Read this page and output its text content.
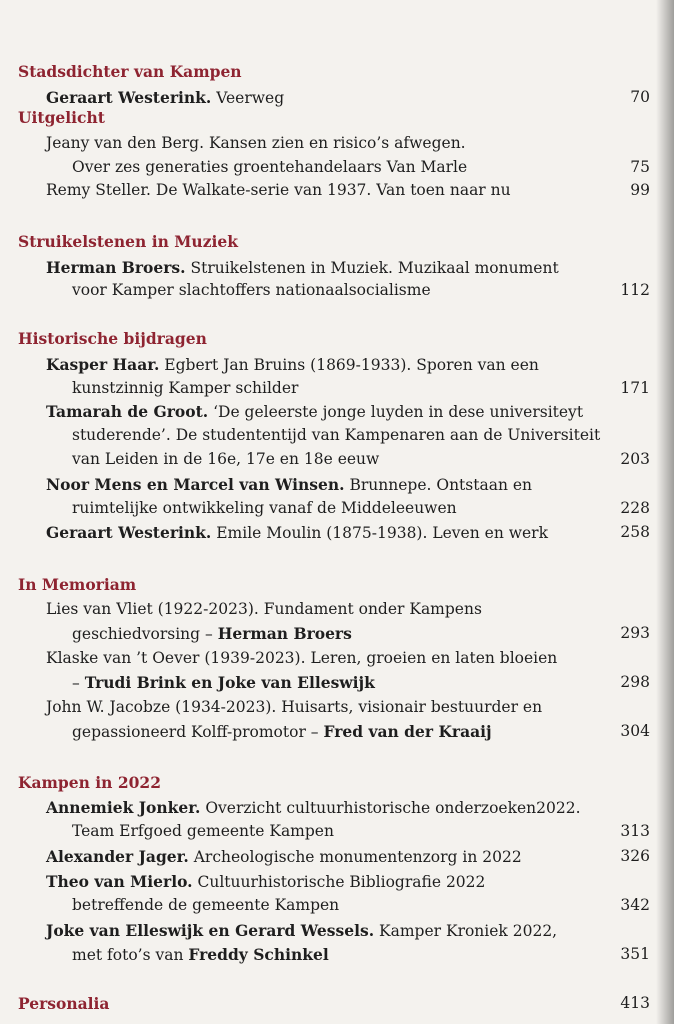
Stadsdichter van Kampen
Geraart Westerink. Veerweg	70
Uitgelicht
Jeany van den Berg. Kansen zien en risico’s afwegen.
Over zes generaties groentehandelaars Van Marle	75
Remy Steller. De Walkate-serie van 1937. Van toen naar nu	99
Struikelstenen in Muziek
Herman Broers. Struikelstenen in Muziek. Muzikaal monument
voor Kamper slachtoffers nationaalsocialisme	112
Historische bijdragen
Kasper Haar. Egbert Jan Bruins (1869-1933). Sporen van een
kunstzinnig Kamper schilder	171
Tamarah de Groot. ‘De geleerste jonge luyden in dese universiteyt
studerende’. De studententijd van Kampenaren aan de Universiteit
van Leiden in de 16e, 17e en 18e eeuw	203
Noor Mens en Marcel van Winsen. Brunnepe. Ontstaan en
ruimtelijke ontwikkeling vanaf de Middeleeuwen	228
Geraart Westerink. Emile Moulin (1875-1938). Leven en werk	258
In Memoriam
Lies van Vliet (1922-2023). Fundament onder Kampens
geschiedvorsing – Herman Broers	293
Klaske van ’t Oever (1939-2023). Leren, groeien en laten bloeien
– Trudi Brink en Joke van Elleswijk	298
John W. Jacobze (1934-2023). Huisarts, visionair bestuurder en
gepassioneerd Kolff-promotor – Fred van der Kraaij	304
Kampen in 2022
Annemiek Jonker. Overzicht cultuurhistorische onderzoeken2022.
Team Erfgoed gemeente Kampen	313
Alexander Jager. Archeologische monumentenzorg in 2022	326
Theo van Mierlo. Cultuurhistorische Bibliografie 2022
betreffende de gemeente Kampen	342
Joke van Elleswijk en Gerard Wessels. Kamper Kroniek 2022,
met foto’s van Freddy Schinkel	351
Personalia	413
